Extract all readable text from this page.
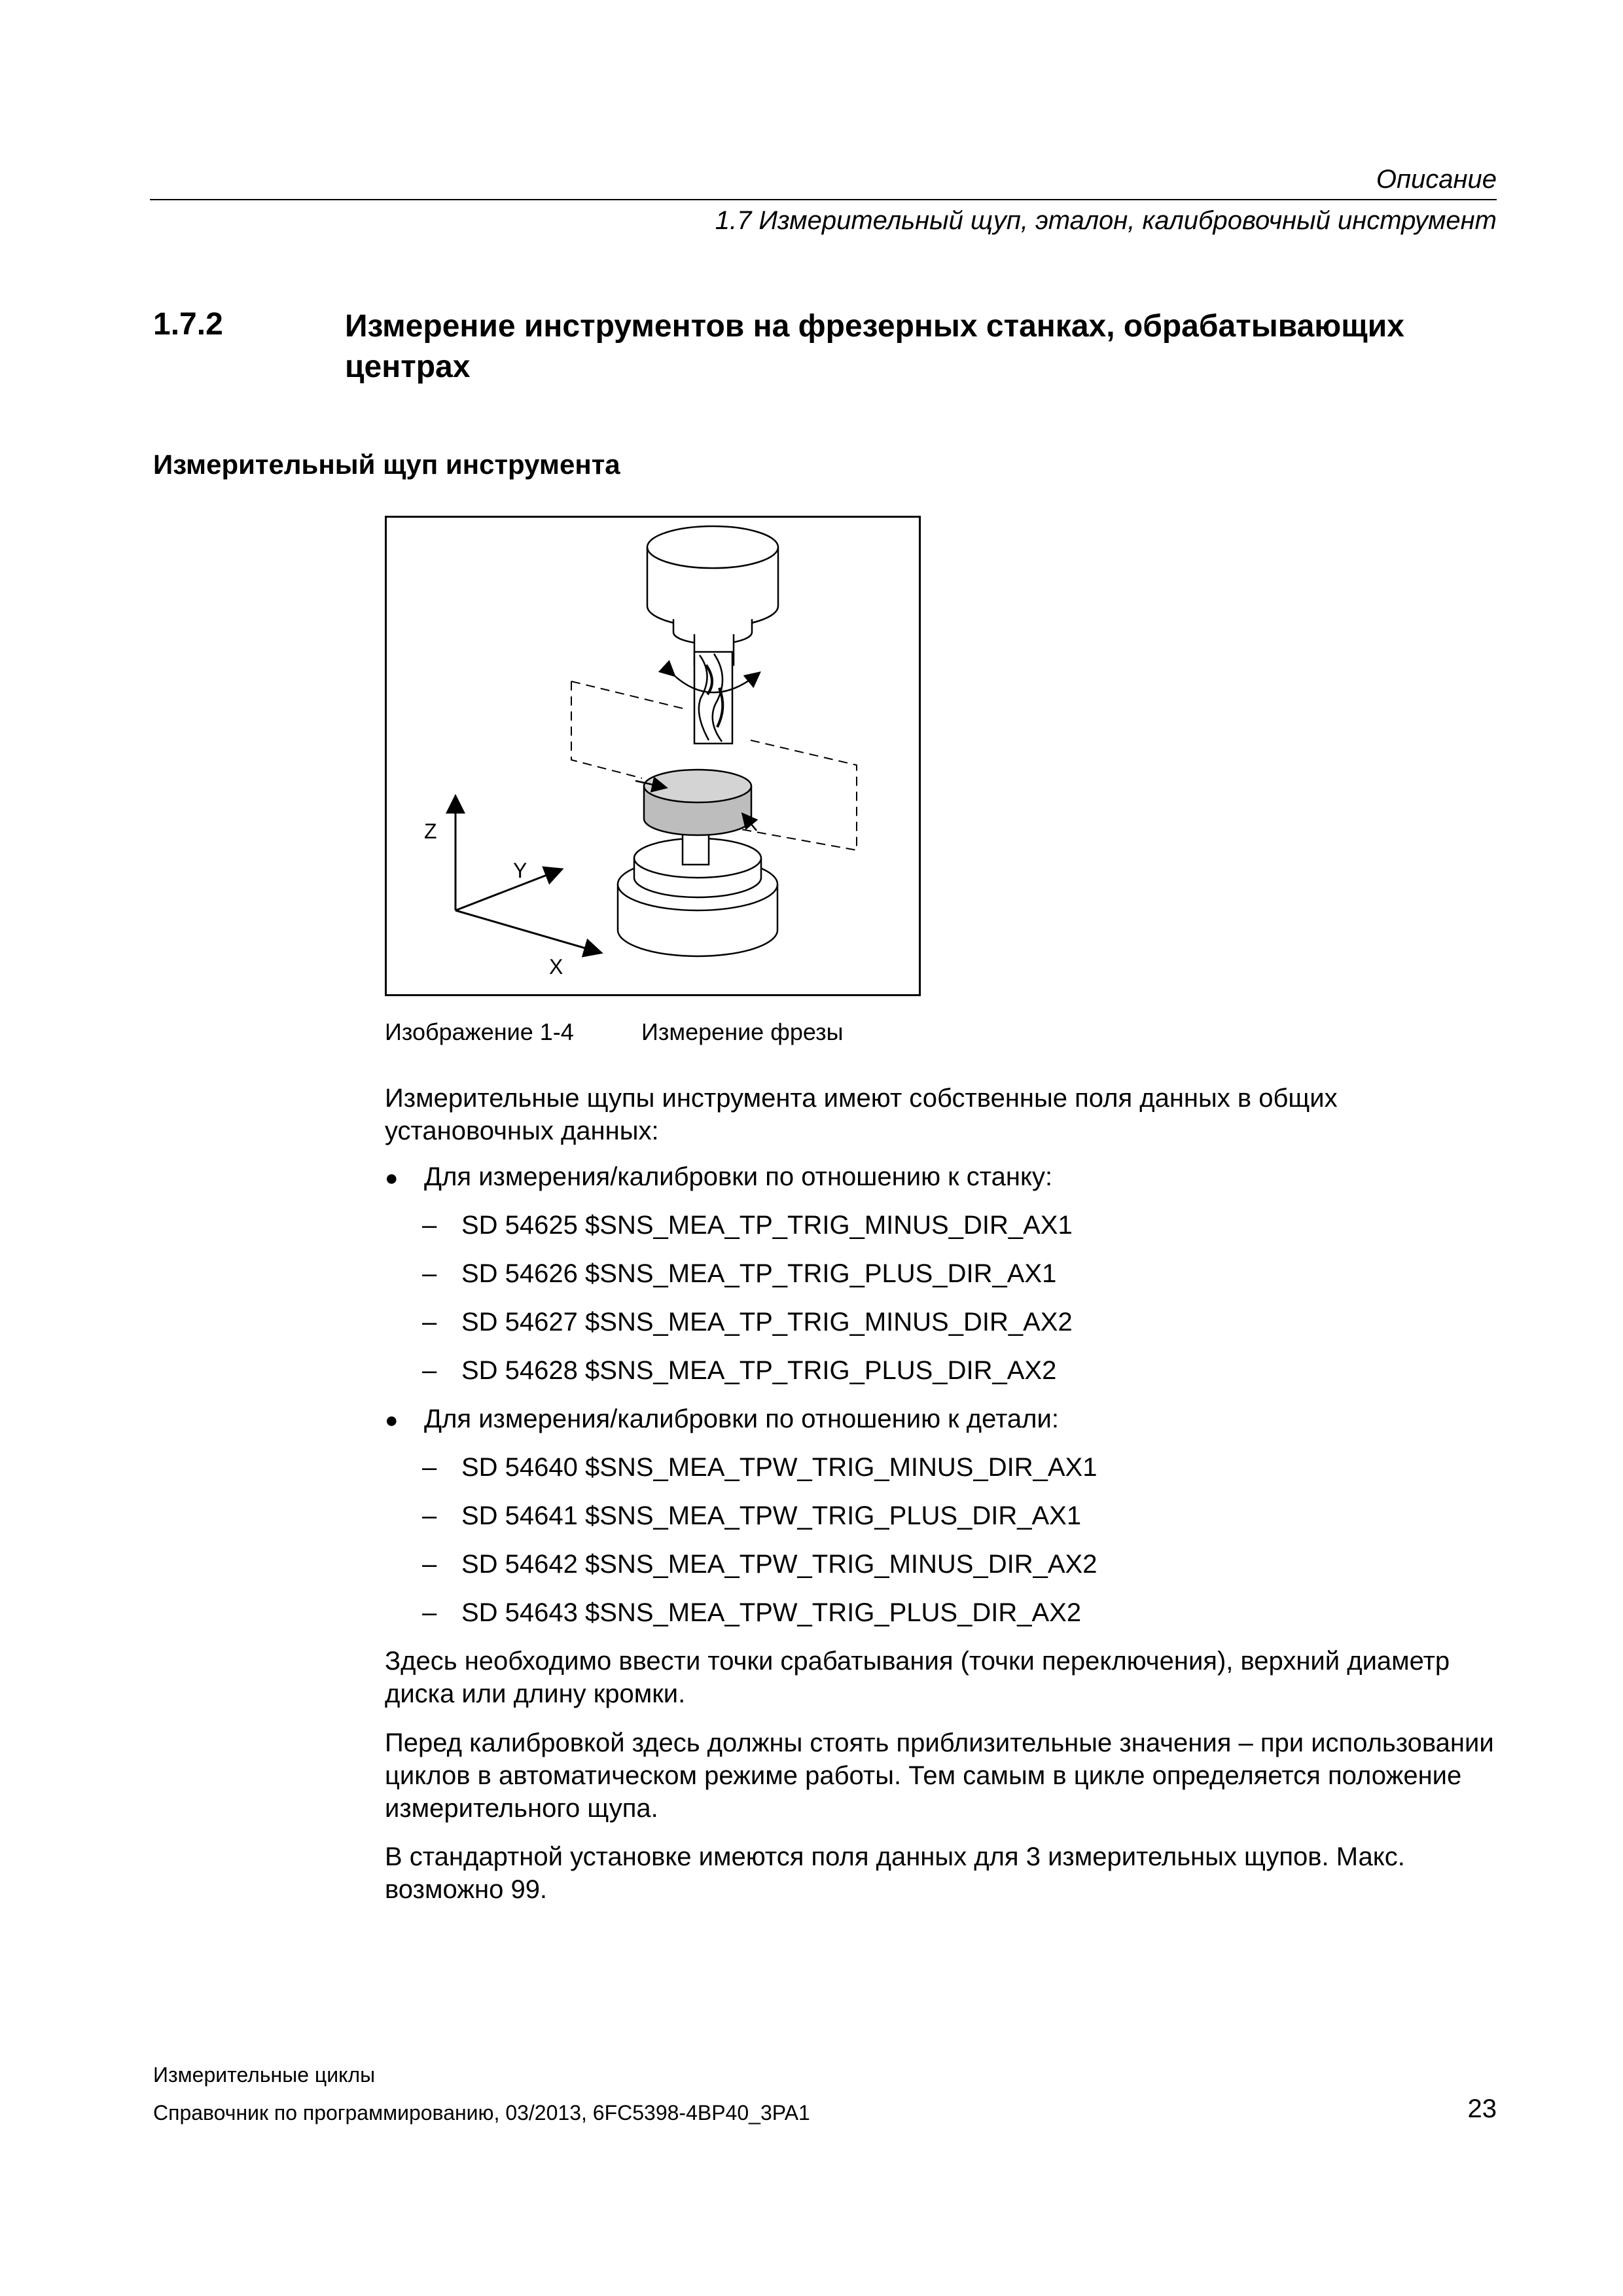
Описание
1.7 Измерительный щуп, эталон, калибровочный инструмент
1.7.2	Измерение инструментов на фрезерных станках, обрабатывающих центрах
Измерительный щуп инструмента
Z
Y
X
Изображение 1-4	Измерение фрезы
Измерительные щупы инструмента имеют собственные поля данных в общих установочных данных:
● Для измерения/калибровки по отношению к станку:
– SD 54625 $SNS_MEA_TP_TRIG_MINUS_DIR_AX1
– SD 54626 $SNS_MEA_TP_TRIG_PLUS_DIR_AX1
– SD 54627 $SNS_MEA_TP_TRIG_MINUS_DIR_AX2
– SD 54628 $SNS_MEA_TP_TRIG_PLUS_DIR_AX2
● Для измерения/калибровки по отношению к детали:
– SD 54640 $SNS_MEA_TPW_TRIG_MINUS_DIR_AX1
– SD 54641 $SNS_MEA_TPW_TRIG_PLUS_DIR_AX1
– SD 54642 $SNS_MEA_TPW_TRIG_MINUS_DIR_AX2
– SD 54643 $SNS_MEA_TPW_TRIG_PLUS_DIR_AX2
Здесь необходимо ввести точки срабатывания (точки переключения), верхний диаметр диска или длину кромки.
Перед калибровкой здесь должны стоять приблизительные значения – при использовании циклов в автоматическом режиме работы. Тем самым в цикле определяется положение измерительного щупа.
В стандартной установке имеются поля данных для 3 измерительных щупов. Макс. возможно 99.
Измерительные циклы
Справочник по программированию, 03/2013, 6FC5398-4BP40_3PA1	23
